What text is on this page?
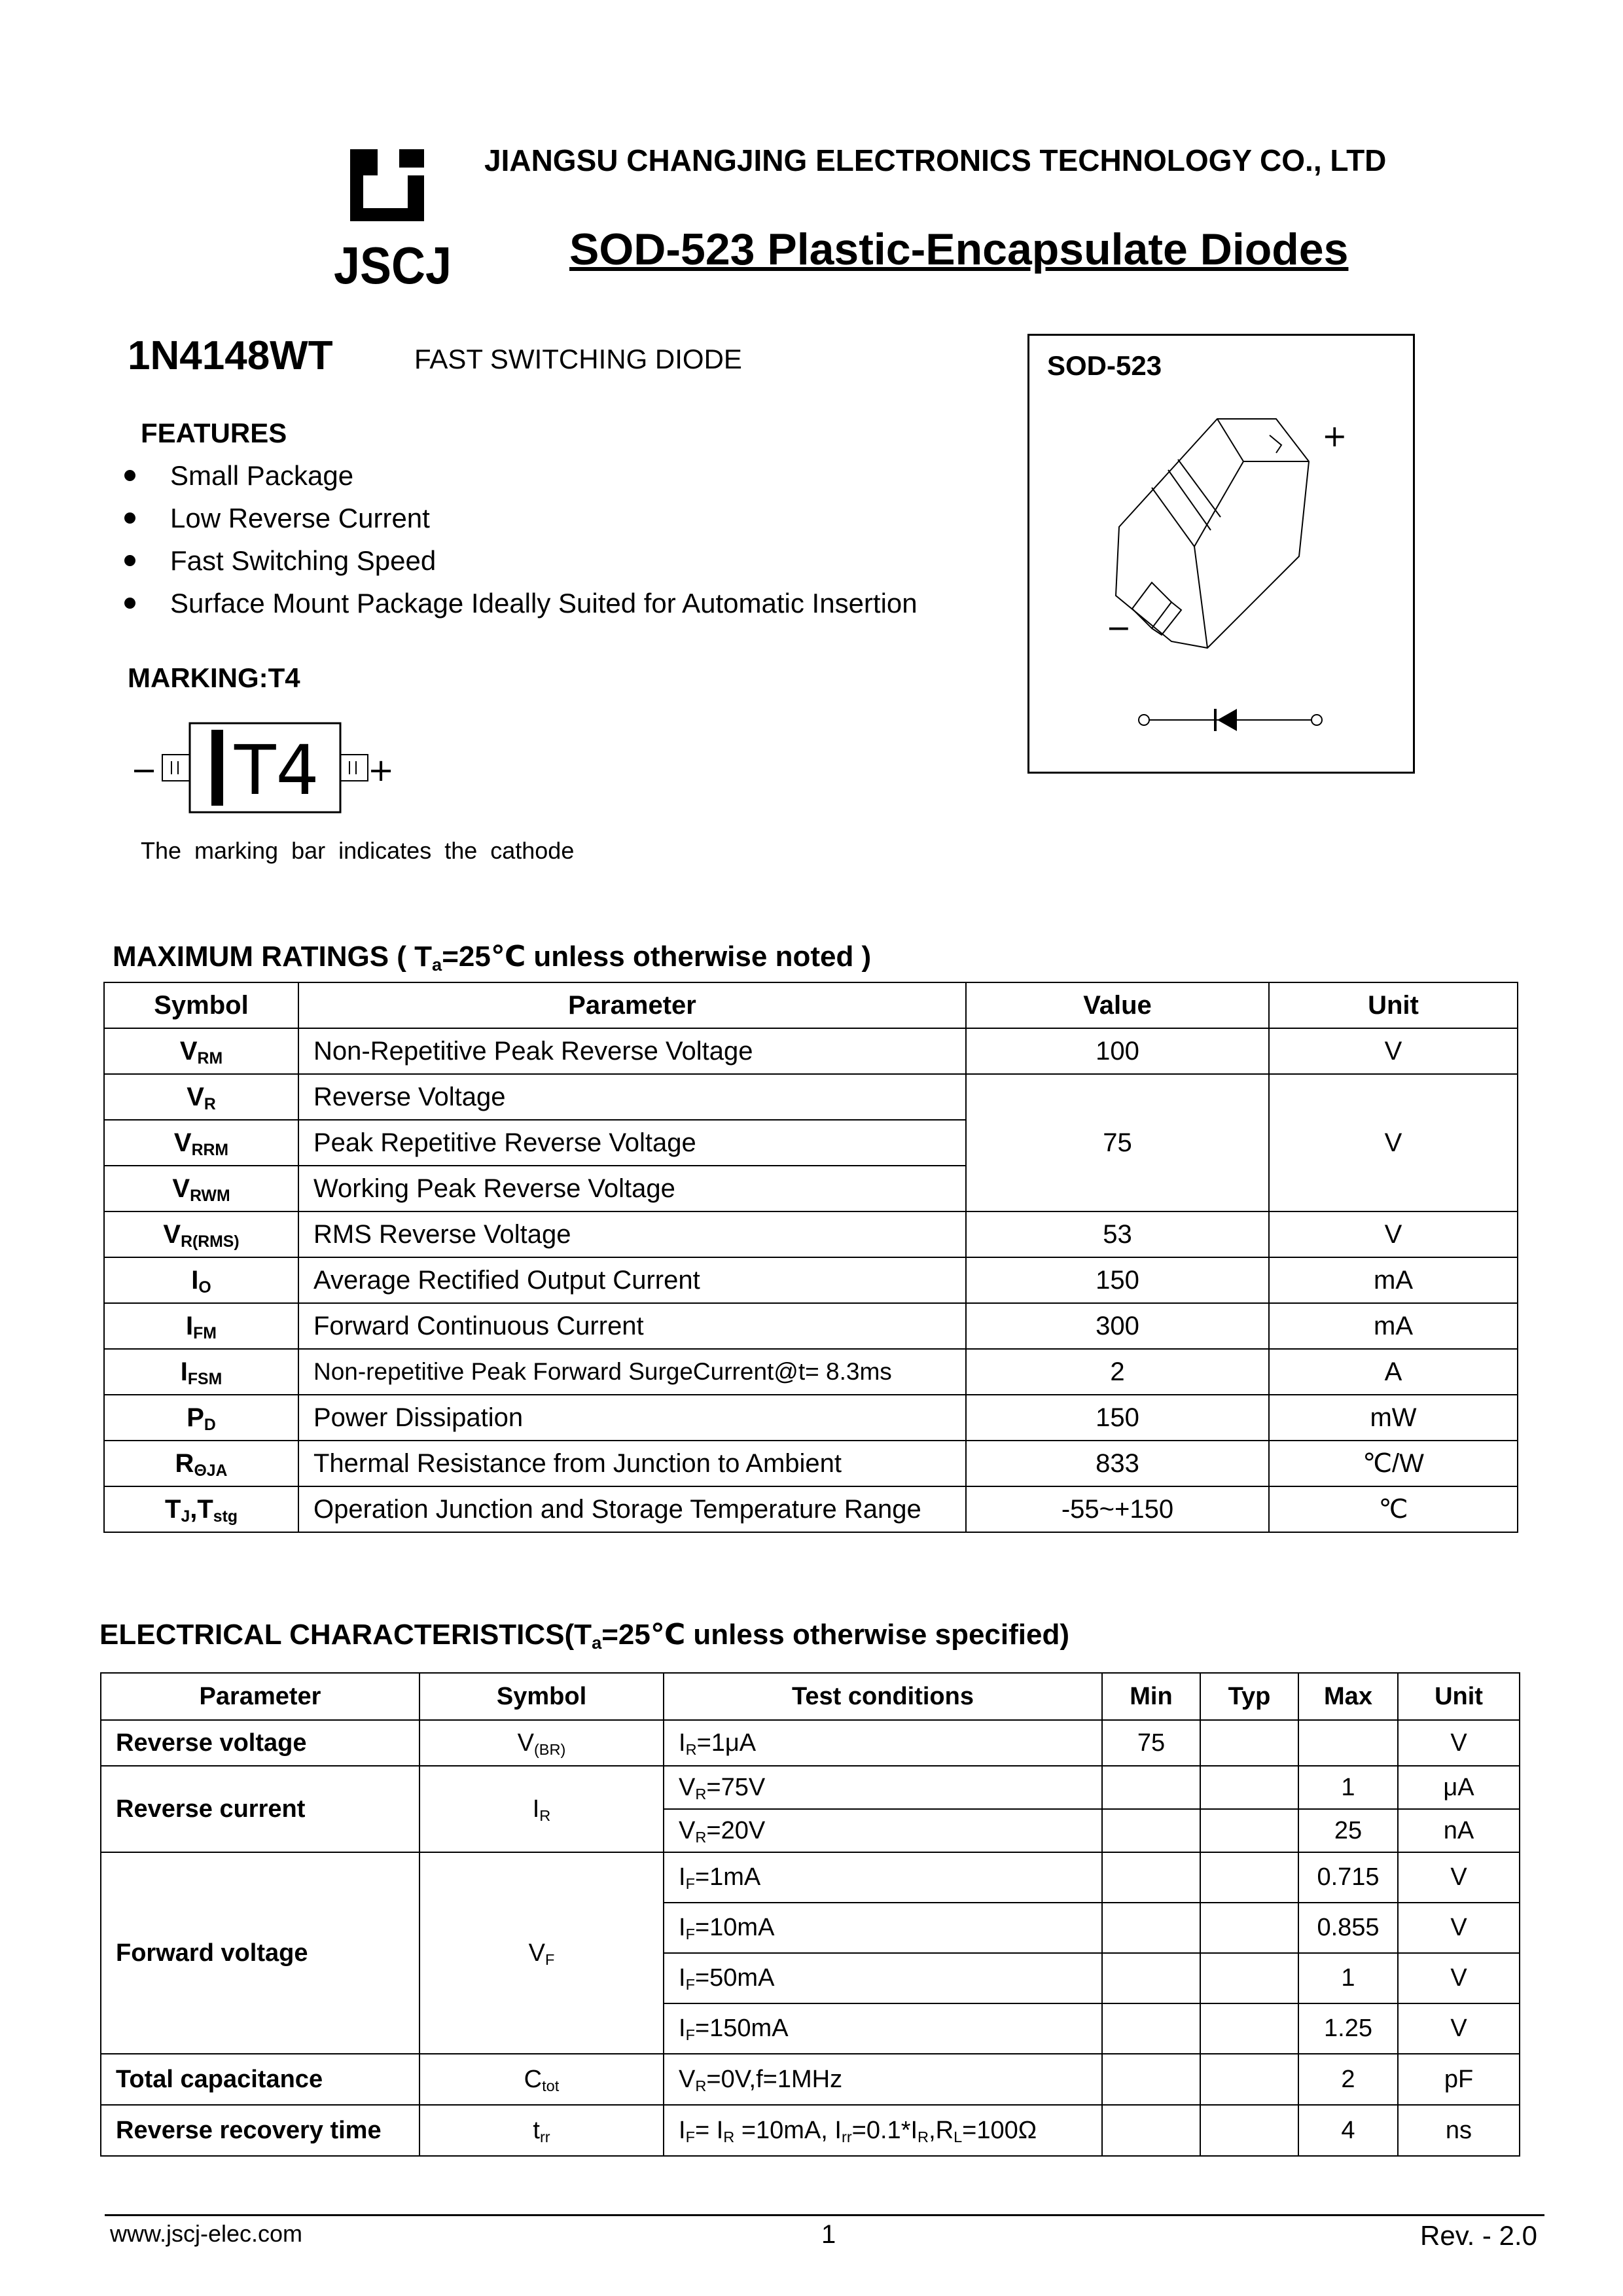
JSCJ
JIANGSU CHANGJING ELECTRONICS TECHNOLOGY CO., LTD
SOD-523 Plastic-Encapsulate Diodes
1N4148WT	FAST SWITCHING DIODE
FEATURES
Small Package
Low Reverse Current
Fast Switching Speed
Surface Mount Package Ideally Suited for Automatic Insertion
MARKING:T4
− T4 +
The marking bar indicates the cathode
SOD-523
+
−
MAXIMUM RATINGS ( $T_a=25℃$ unless otherwise noted )
Symbol	Parameter	Value	Unit
$V_{RM}$	Non-Repetitive Peak Reverse Voltage	100	V
$V_R$	Reverse Voltage	75	V
$V_{RRM}$	Peak Repetitive Reverse Voltage		
$V_{RWM}$	Working Peak Reverse Voltage		
$V_{R(RMS)}$	RMS Reverse Voltage	53	V
$I_O$	Average Rectified Output Current	150	mA
$I_{FM}$	Forward Continuous Current	300	mA
$I_{FSM}$	Non-repetitive Peak Forward SurgeCurrent@t= 8.3ms	2	A
$P_D$	Power Dissipation	150	mW
$R_{\Theta JA}$	Thermal Resistance from Junction to Ambient	833	℃/W
$T_J,T_{stg}$	Operation Junction and Storage Temperature Range	-55~+150	℃
ELECTRICAL $CHARACTERISTICS(T_a=25℃$ unless otherwise specified)
Parameter	Symbol	Test conditions	Min	Typ	Max	Unit
Reverse voltage	$V_{(BR)}$	$I_R=1\mu A$	75			V
Reverse current	$I_R$	$V_R=75V$			1	μA
		$V_R=20V$			25	nA
Forward voltage	$V_F$	$I_F=1mA$			0.715	V
		$I_F=10mA$			0.855	V
		$I_F=50mA$			1	V
		$I_F=150mA$			1.25	V
Total capacitance	$C_{tot}$	$V_R=0V,f=1MHz$			2	pF
Reverse recovery time	$t_{rr}$	$I_F= I_R =10mA$, $I_{rr}=0.1*I_R,R_L=100\Omega$			4	ns
www.jscj-elec.com	1	Rev. - 2.0
